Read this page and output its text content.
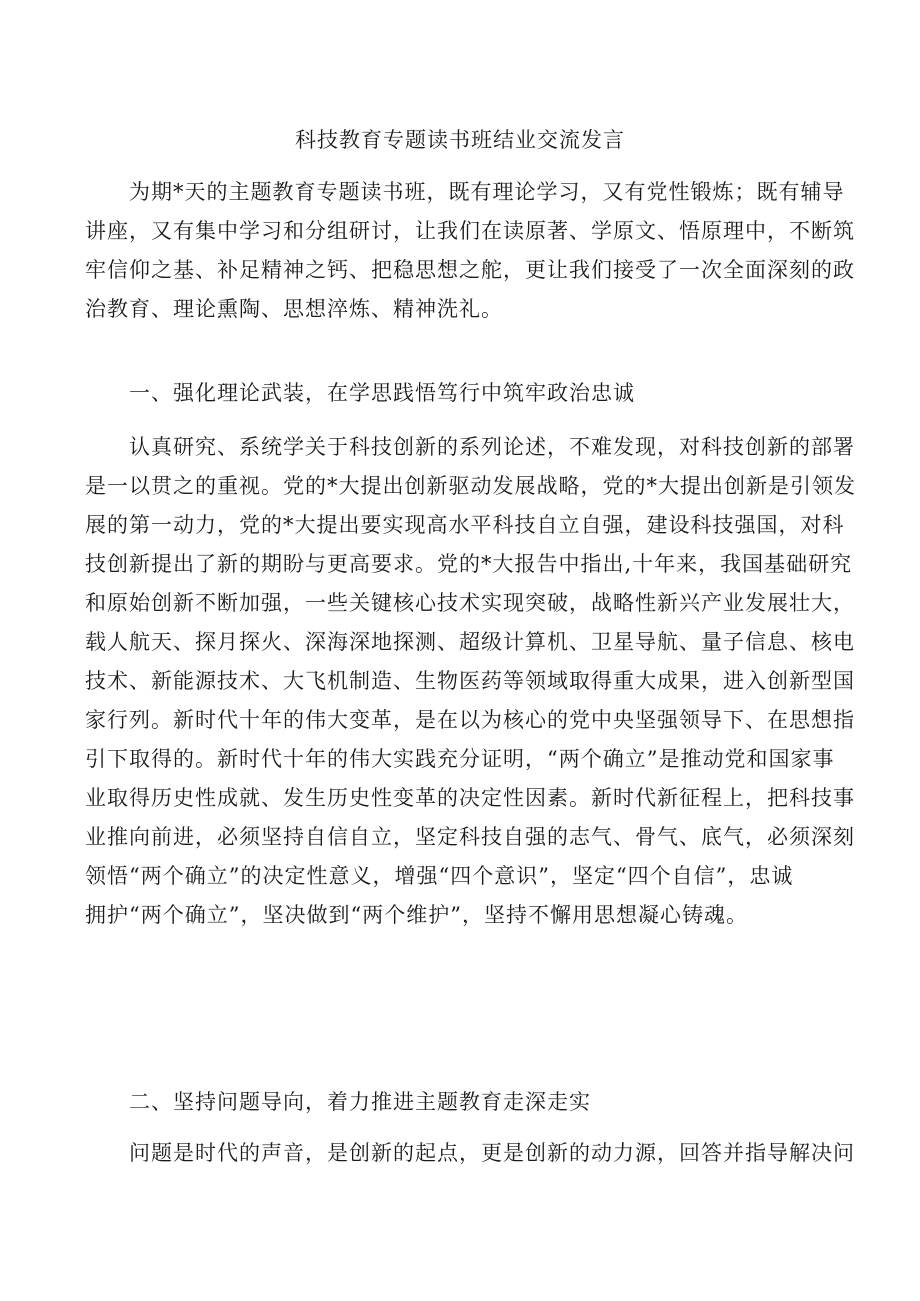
科技教育专题读书班结业交流发言
为期*天的主题教育专题读书班，既有理论学习，又有党性锻炼；既有辅导
讲座，又有集中学习和分组研讨，让我们在读原著、学原文、悟原理中，不断筑
牢信仰之基、补足精神之钙、把稳思想之舵，更让我们接受了一次全面深刻的政
治教育、理论熏陶、思想淬炼、精神洗礼。
一、强化理论武装，在学思践悟笃行中筑牢政治忠诚
认真研究、系统学关于科技创新的系列论述，不难发现，对科技创新的部署
是一以贯之的重视。党的*大提出创新驱动发展战略，党的*大提出创新是引领发
展的第一动力，党的*大提出要实现高水平科技自立自强，建设科技强国，对科
技创新提出了新的期盼与更高要求。党的*大报告中指出,十年来，我国基础研究
和原始创新不断加强，一些关键核心技术实现突破，战略性新兴产业发展壮大，
载人航天、探月探火、深海深地探测、超级计算机、卫星导航、量子信息、核电
技术、新能源技术、大飞机制造、生物医药等领域取得重大成果，进入创新型国
家行列。新时代十年的伟大变革，是在以为核心的党中央坚强领导下、在思想指
引下取得的。新时代十年的伟大实践充分证明，“两个确立”是推动党和国家事
业取得历史性成就、发生历史性变革的决定性因素。新时代新征程上，把科技事
业推向前进，必须坚持自信自立，坚定科技自强的志气、骨气、底气，必须深刻
领悟“两个确立”的决定性意义，增强“四个意识”，坚定“四个自信”，忠诚
拥护“两个确立”，坚决做到“两个维护”，坚持不懈用思想凝心铸魂。
二、坚持问题导向，着力推进主题教育走深走实
问题是时代的声音，是创新的起点，更是创新的动力源，回答并指导解决问
